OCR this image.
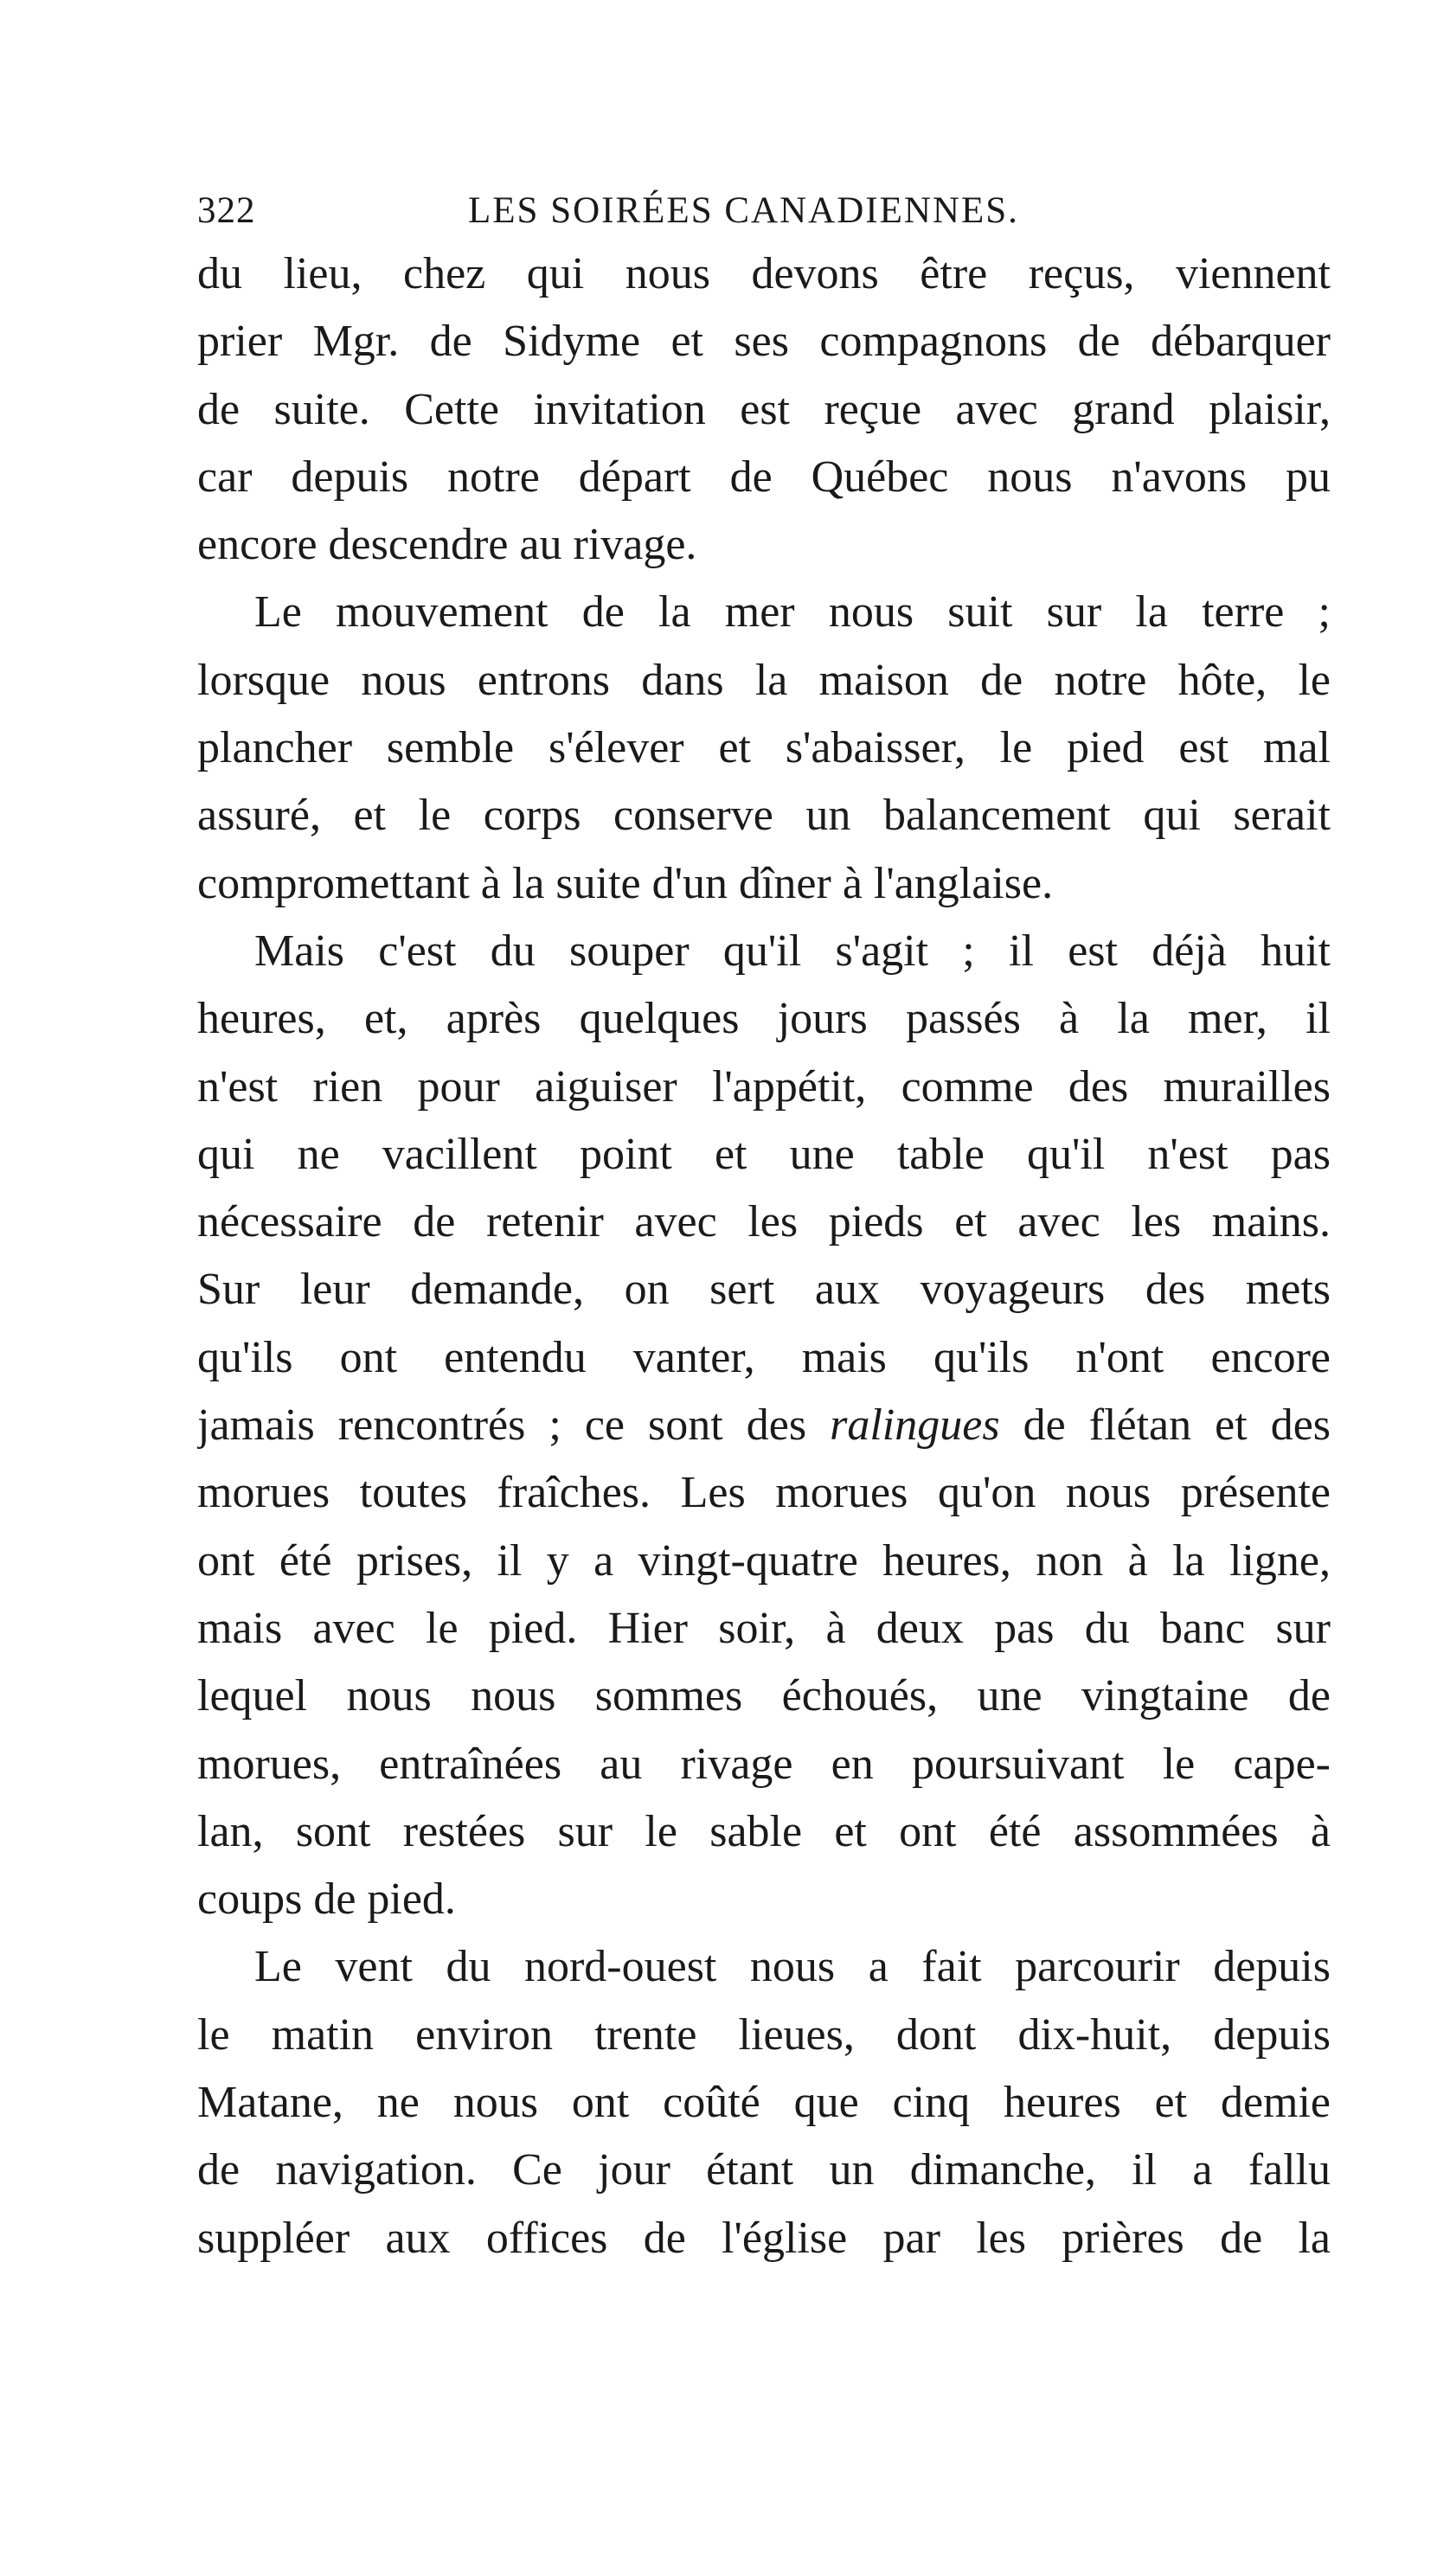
322	LES SOIRÉES CANADIENNES.
du lieu, chez qui nous devons être reçus, viennent
prier Mgr. de Sidyme et ses compagnons de débarquer
de suite. Cette invitation est reçue avec grand plaisir,
car depuis notre départ de Québec nous n'avons pu
encore descendre au rivage.
Le mouvement de la mer nous suit sur la terre ;
lorsque nous entrons dans la maison de notre hôte, le
plancher semble s'élever et s'abaisser, le pied est mal
assuré, et le corps conserve un balancement qui serait
compromettant à la suite d'un dîner à l'anglaise.
Mais c'est du souper qu'il s'agit ; il est déjà huit
heures, et, après quelques jours passés à la mer, il
n'est rien pour aiguiser l'appétit, comme des murailles
qui ne vacillent point et une table qu'il n'est pas
nécessaire de retenir avec les pieds et avec les mains.
Sur leur demande, on sert aux voyageurs des mets
qu'ils ont entendu vanter, mais qu'ils n'ont encore
jamais rencontrés ; ce sont des ralingues de flétan et des
morues toutes fraîches. Les morues qu'on nous présente
ont été prises, il y a vingt-quatre heures, non à la ligne,
mais avec le pied. Hier soir, à deux pas du banc sur
lequel nous nous sommes échoués, une vingtaine de
morues, entraînées au rivage en poursuivant le cape-
lan, sont restées sur le sable et ont été assommées à
coups de pied.
Le vent du nord-ouest nous a fait parcourir depuis
le matin environ trente lieues, dont dix-huit, depuis
Matane, ne nous ont coûté que cinq heures et demie
de navigation. Ce jour étant un dimanche, il a fallu
suppléer aux offices de l'église par les prières de la
